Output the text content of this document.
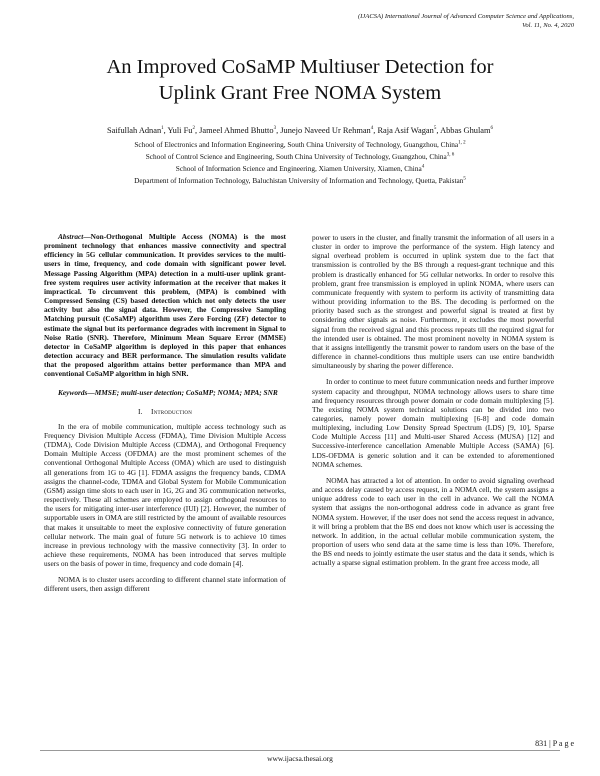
(IJACSA) International Journal of Advanced Computer Science and Applications,
Vol. 11, No. 4, 2020
An Improved CoSaMP Multiuser Detection for
Uplink Grant Free NOMA System
Saifullah Adnan$^1$, Yuli Fu$^2$, Jameel Ahmed Bhutto$^3$, Junejo Naveed Ur Rehman$^4$, Raja Asif Wagan$^5$, Abbas Ghulam$^6$
School of Electronics and Information Engineering, South China University of Technology, Guangzhou, China$^{1, 2}$
School of Control Science and Engineering, South China University of Technology, Guangzhou, China$^{3, 6}$
School of Information Science and Engineering, Xiamen University, Xiamen, China$^4$
Department of Information Technology, Baluchistan University of Information and Technology, Quetta, Pakistan$^5$

Abstract—Non-Orthogonal Multiple Access (NOMA) is the most prominent technology that enhances massive connectivity and spectral efficiency in 5G cellular communication. It provides services to the multi-users in time, frequency, and code domain with significant power level. Message Passing Algorithm (MPA) detection in a multi-user uplink grant-free system requires user activity information at the receiver that makes it impractical. To circumvent this problem, (MPA) is combined with Compressed Sensing (CS) based detection which not only detects the user activity but also the signal data. However, the Compressive Sampling Matching pursuit (CoSaMP) algorithm uses Zero Forcing (ZF) detector to estimate the signal but its performance degrades with increment in Signal to Noise Ratio (SNR). Therefore, Minimum Mean Square Error (MMSE) detector in CoSaMP algorithm is deployed in this paper that enhances detection accuracy and BER performance. The simulation results validate that the proposed algorithm attains better performance than MPA and conventional CoSaMP algorithm in high SNR.

Keywords—MMSE; multi-user detection; CoSaMP; NOMA; MPA; SNR

I. Introduction

In the era of mobile communication, multiple access technology such as Frequency Division Multiple Access (FDMA), Time Division Multiple Access (TDMA), Code Division Multiple Access (CDMA), and Orthogonal Frequency Domain Multiple Access (OFDMA) are the most prominent schemes of the conventional Orthogonal Multiple Access (OMA) which are used to distinguish all generations from 1G to 4G [1]. FDMA assigns the frequency bands, CDMA assigns the channel-code, TDMA and Global System for Mobile Communication (GSM) assign time slots to each user in 1G, 2G and 3G communication networks, respectively. These all schemes are employed to assign orthogonal resources to the users for mitigating inter-user interference (IUI) [2]. However, the number of supportable users in OMA are still restricted by the amount of available resources that makes it unsuitable to meet the explosive connectivity of future generation cellular network. The main goal of future 5G network is to achieve 10 times increase in previous technology with the massive connectivity [3]. In order to achieve these requirements, NOMA has been introduced that serves multiple users on the basis of power in time, frequency and code domain [4].

NOMA is to cluster users according to different channel state information of different users, then assign different

power to users in the cluster, and finally transmit the information of all users in a cluster in order to improve the performance of the system. High latency and signal overhead problem is occurred in uplink system due to the fact that transmission is controlled by the BS through a request-grant technique and this problem is drastically enhanced for 5G cellular networks. In order to resolve this problem, grant free transmission is employed in uplink NOMA, where users can communicate frequently with system to perform its activity of transmitting data without providing information to the BS. The decoding is performed on the priority based such as the strongest and powerful signal is treated at first by considering other signals as noise. Furthermore, it excludes the most powerful signal from the received signal and this process repeats till the required signal for the intended user is obtained. The most prominent novelty in NOMA system is that it assigns intelligently the transmit power to random users on the base of the difference in channel-conditions thus multiple users can use entire bandwidth simultaneously by sharing the power difference.

In order to continue to meet future communication needs and further improve system capacity and throughput, NOMA technology allows users to share time and frequency resources through power domain or code domain multiplexing [5]. The existing NOMA system technical solutions can be divided into two categories, namely power domain multiplexing [6-8] and code domain multiplexing, including Low Density Spread Spectrum (LDS) [9, 10], Sparse Code Multiple Access [11] and Multi-user Shared Access (MUSA) [12] and Successive-interference cancellation Amenable Multiple Access (SAMA) [6]. LDS-OFDMA is generic solution and it can be extended to aforementioned NOMA schemes.

NOMA has attracted a lot of attention. In order to avoid signaling overhead and access delay caused by access request, in a NOMA cell, the system assigns a unique address code to each user in the cell in advance. We call the NOMA system that assigns the non-orthogonal address code in advance as grant free NOMA system. However, if the user does not send the access request in advance, it will bring a problem that the BS end does not know which user is accessing the network. In addition, in the actual cellular mobile communication system, the proportion of users who send data at the same time is less than 10%. Therefore, the BS end needs to jointly estimate the user status and the data it sends, which is actually a sparse signal estimation problem. In the grant free access mode, all

831 | P a g e
www.ijacsa.thesai.org
